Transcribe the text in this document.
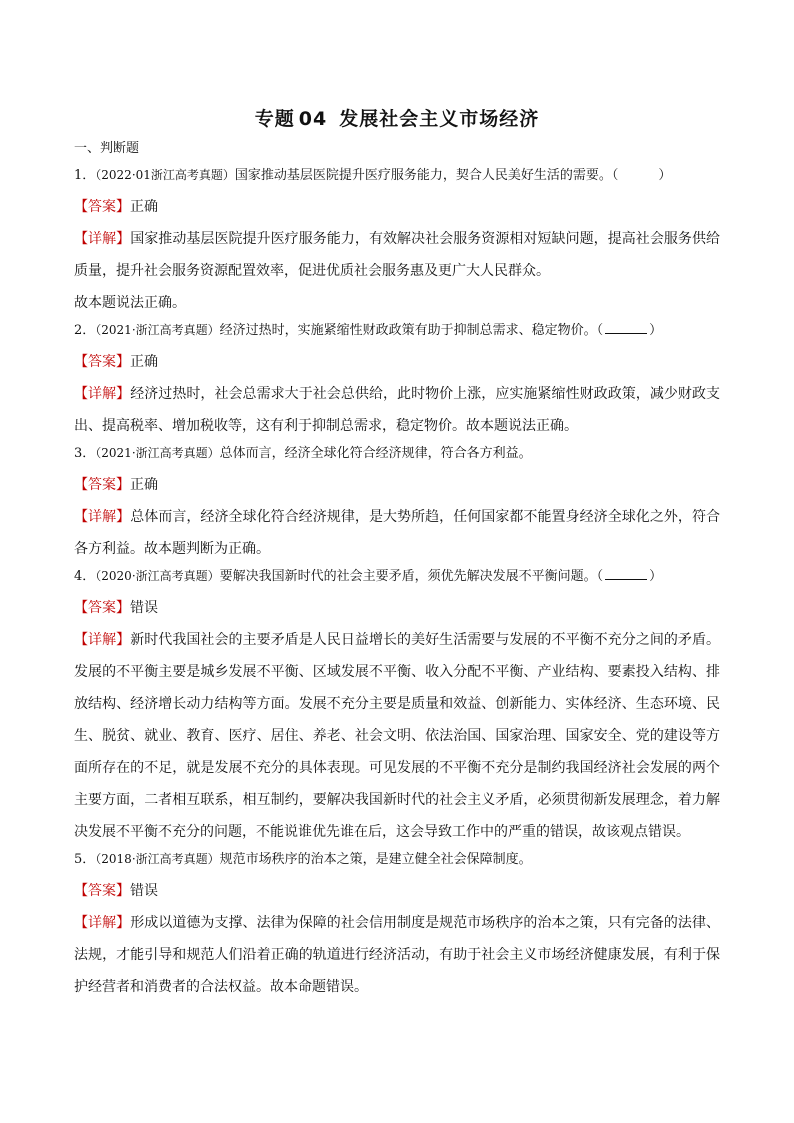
专题 04 发展社会主义市场经济
一、判断题

1．（2022·01浙江高考真题）国家推动基层医院提升医疗服务能力，契合人民美好生活的需要。（	）

【答案】正确

【详解】国家推动基层医院提升医疗服务能力，有效解决社会服务资源相对短缺问题，提高社会服务供给质量，提升社会服务资源配置效率，促进优质社会服务惠及更广大人民群众。

故本题说法正确。

2．（2021·浙江高考真题）经济过热时，实施紧缩性财政政策有助于抑制总需求、稳定物价。（	）

【答案】正确

【详解】经济过热时，社会总需求大于社会总供给，此时物价上涨，应实施紧缩性财政政策，减少财政支出、提高税率、增加税收等，这有利于抑制总需求，稳定物价。故本题说法正确。

3．（2021·浙江高考真题）总体而言，经济全球化符合经济规律，符合各方利益。

【答案】正确

【详解】总体而言，经济全球化符合经济规律，是大势所趋，任何国家都不能置身经济全球化之外，符合各方利益。故本题判断为正确。

4．（2020·浙江高考真题）要解决我国新时代的社会主要矛盾，须优先解决发展不平衡问题。（	）

【答案】错误

【详解】新时代我国社会的主要矛盾是人民日益增长的美好生活需要与发展的不平衡不充分之间的矛盾。发展的不平衡主要是城乡发展不平衡、区域发展不平衡、收入分配不平衡、产业结构、要素投入结构、排放结构、经济增长动力结构等方面。发展不充分主要是质量和效益、创新能力、实体经济、生态环境、民生、脱贫、就业、教育、医疗、居住、养老、社会文明、依法治国、国家治理、国家安全、党的建设等方面所存在的不足，就是发展不充分的具体表现。可见发展的不平衡不充分是制约我国经济社会发展的两个主要方面，二者相互联系，相互制约，要解决我国新时代的社会主义矛盾，必须贯彻新发展理念，着力解决发展不平衡不充分的问题，不能说谁优先谁在后，这会导致工作中的严重的错误，故该观点错误。

5．（2018·浙江高考真题）规范市场秩序的治本之策，是建立健全社会保障制度。

【答案】错误

【详解】形成以道德为支撑、法律为保障的社会信用制度是规范市场秩序的治本之策，只有完备的法律、法规，才能引导和规范人们沿着正确的轨道进行经济活动，有助于社会主义市场经济健康发展，有利于保护经营者和消费者的合法权益。故本命题错误。
